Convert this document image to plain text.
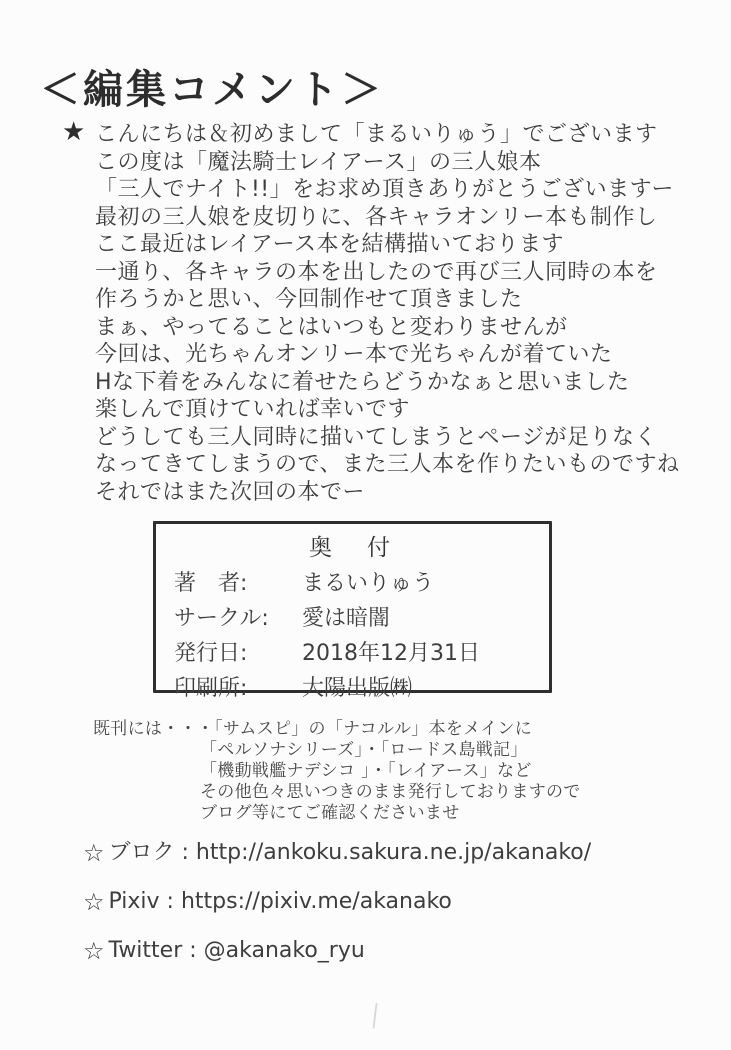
＜編集コメント＞
★ こんにちは＆初めまして「まるいりゅう」でございます
この度は「魔法騎士レイアース」の三人娘本
「三人でナイト!!」をお求め頂きありがとうございますー
最初の三人娘を皮切りに、各キャラオンリー本も制作し
ここ最近はレイアース本を結構描いております
一通り、各キャラの本を出したので再び三人同時の本を
作ろうかと思い、今回制作せて頂きました
まぁ、やってることはいつもと変わりませんが
今回は、光ちゃんオンリー本で光ちゃんが着ていた
Hな下着をみんなに着せたらどうかなぁと思いました
楽しんで頂けていれば幸いです
どうしても三人同時に描いてしまうとページが足りなく
なってきてしまうので、また三人本を作りたいものですね
それではまた次回の本でー
奥　付
著　者:	まるいりゅう
サークル:	愛は暗闇
発行日:	2018年12月31日
印刷所:	大陽出版㈱
既刊には・・・「サムスピ」の「ナコルル」本をメインに
「ペルソナシリーズ」・「ロードス島戦記」
「機動戦艦ナデシコ 」・「レイアース」など
その他色々思いつきのまま発行しておりますので
ブログ等にてご確認くださいませ
☆ ブロク : http://ankoku.sakura.ne.jp/akanako/
☆ Pixiv : https://pixiv.me/akanako
☆ Twitter : @akanako_ryu
